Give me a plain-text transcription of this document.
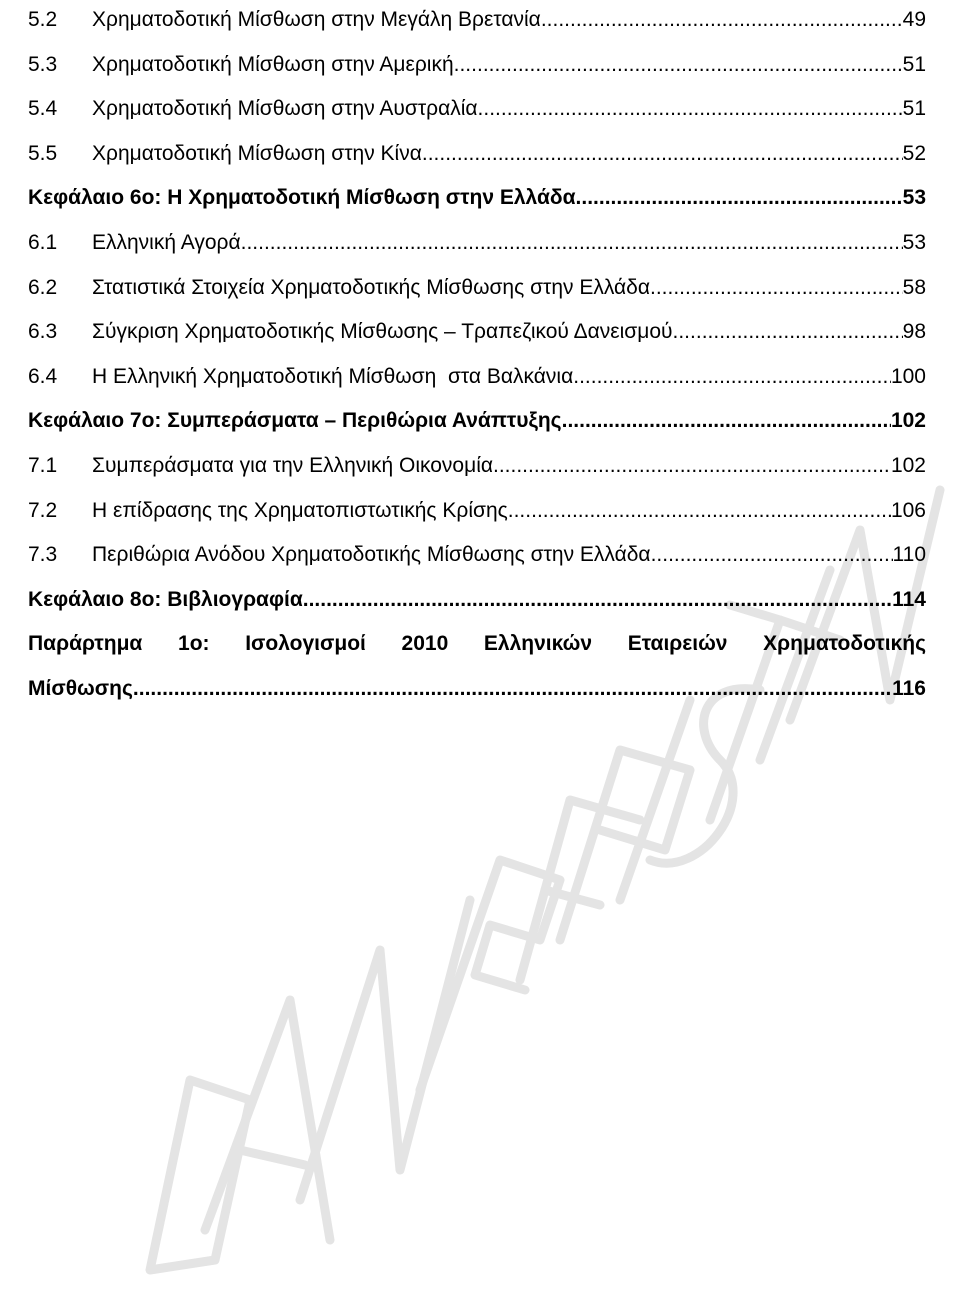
5.2	Χρηματοδοτική Μίσθωση στην Μεγάλη Βρετανία .....	49
5.3	Χρηματοδοτική Μίσθωση στην Αμερική .....	51
5.4	Χρηματοδοτική Μίσθωση στην Αυστραλία .....	51
5.5	Χρηματοδοτική Μίσθωση στην Κίνα .....	52
Κεφάλαιο 6ο: Η Χρηματοδοτική Μίσθωση στην Ελλάδα .....	53
6.1	Ελληνική Αγορά .....	53
6.2	Στατιστικά Στοιχεία Χρηματοδοτικής Μίσθωσης στην Ελλάδα .....	58
6.3	Σύγκριση Χρηματοδοτικής Μίσθωσης – Τραπεζικού Δανεισμού .....	98
6.4	Η Ελληνική Χρηματοδοτική Μίσθωση  στα Βαλκάνια .....	100
Κεφάλαιο 7ο: Συμπεράσματα – Περιθώρια Ανάπτυξης .....	102
7.1	Συμπεράσματα για την Ελληνική Οικονομία .....	102
7.2	Η επίδρασης της Χρηματοπιστωτικής Κρίσης .....	106
7.3	Περιθώρια Ανόδου Χρηματοδοτικής Μίσθωσης στην Ελλάδα .....	110
Κεφάλαιο 8ο: Βιβλιογραφία .....	114
Παράρτημα 1ο: Ισολογισμοί 2010 Ελληνικών Εταιρειών Χρηματοδοτικής
Μίσθωσης .....	116
